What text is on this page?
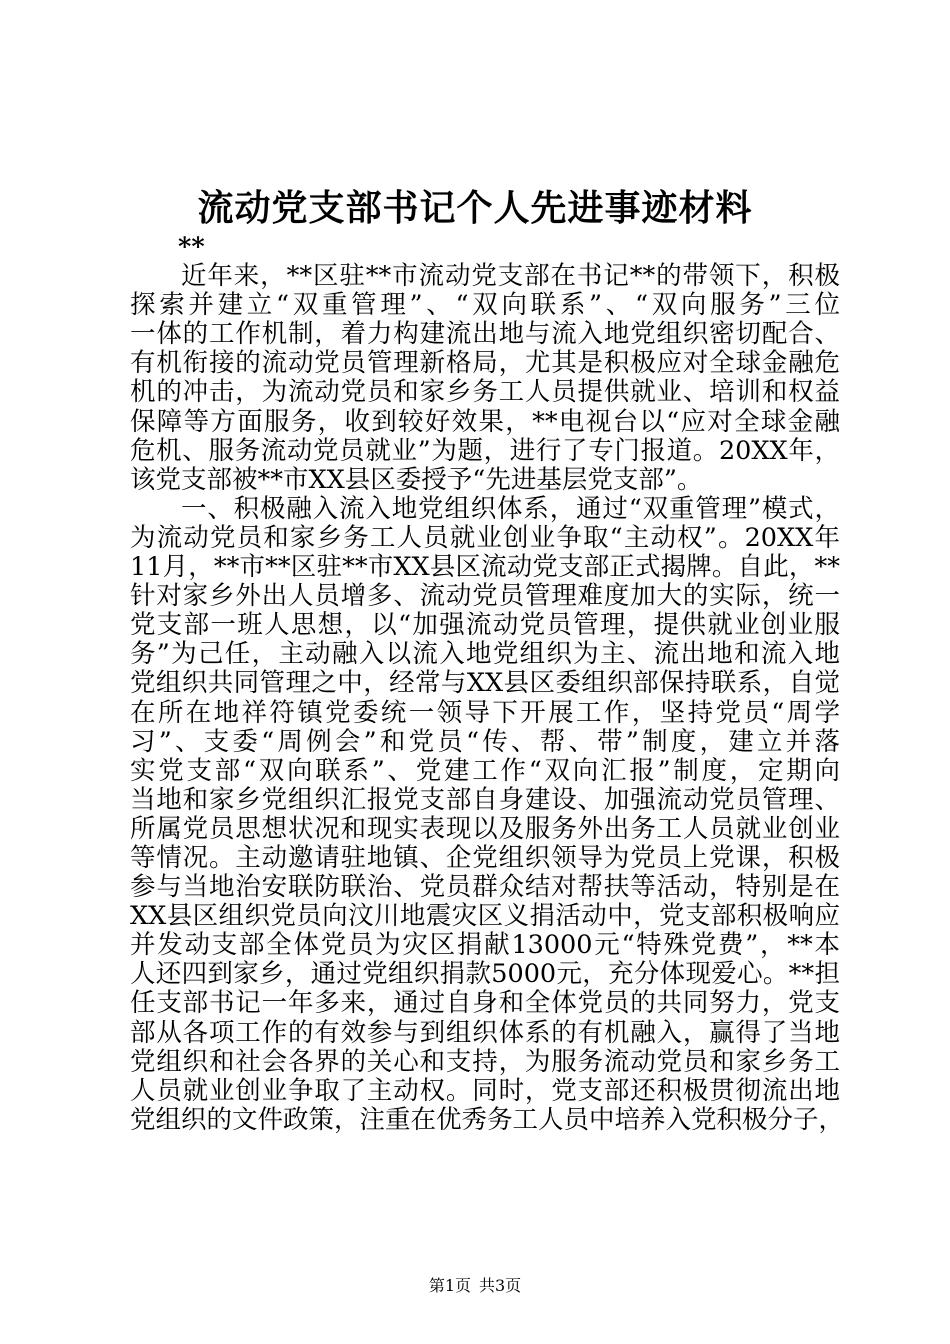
流动党支部书记个人先进事迹材料
**
近年来，**区驻**市流动党支部在书记**的带领下，积极
探索并建立“双重管理”、“双向联系”、“双向服务”三位
一体的工作机制，着力构建流出地与流入地党组织密切配合、
有机衔接的流动党员管理新格局，尤其是积极应对全球金融危
机的冲击，为流动党员和家乡务工人员提供就业、培训和权益
保障等方面服务，收到较好效果，**电视台以“应对全球金融
危机、服务流动党员就业”为题，进行了专门报道。20XX年，
该党支部被**市XX县区委授予“先进基层党支部”。
一、积极融入流入地党组织体系，通过“双重管理”模式，
为流动党员和家乡务工人员就业创业争取“主动权”。20XX年
11月，**市**区驻**市XX县区流动党支部正式揭牌。自此，**
针对家乡外出人员增多、流动党员管理难度加大的实际，统一
党支部一班人思想，以“加强流动党员管理，提供就业创业服
务”为己任，主动融入以流入地党组织为主、流出地和流入地
党组织共同管理之中，经常与XX县区委组织部保持联系，自觉
在所在地祥符镇党委统一领导下开展工作，坚持党员“周学
习”、支委“周例会”和党员“传、帮、带”制度，建立并落
实党支部“双向联系”、党建工作“双向汇报”制度，定期向
当地和家乡党组织汇报党支部自身建设、加强流动党员管理、
所属党员思想状况和现实表现以及服务外出务工人员就业创业
等情况。主动邀请驻地镇、企党组织领导为党员上党课，积极
参与当地治安联防联治、党员群众结对帮扶等活动，特别是在
XX县区组织党员向汶川地震灾区义捐活动中，党支部积极响应
并发动支部全体党员为灾区捐献13000元“特殊党费”，**本
人还四到家乡，通过党组织捐款5000元，充分体现爱心。**担
任支部书记一年多来，通过自身和全体党员的共同努力，党支
部从各项工作的有效参与到组织体系的有机融入，赢得了当地
党组织和社会各界的关心和支持，为服务流动党员和家乡务工
人员就业创业争取了主动权。同时，党支部还积极贯彻流出地
党组织的文件政策，注重在优秀务工人员中培养入党积极分子，
第1页 共3页
